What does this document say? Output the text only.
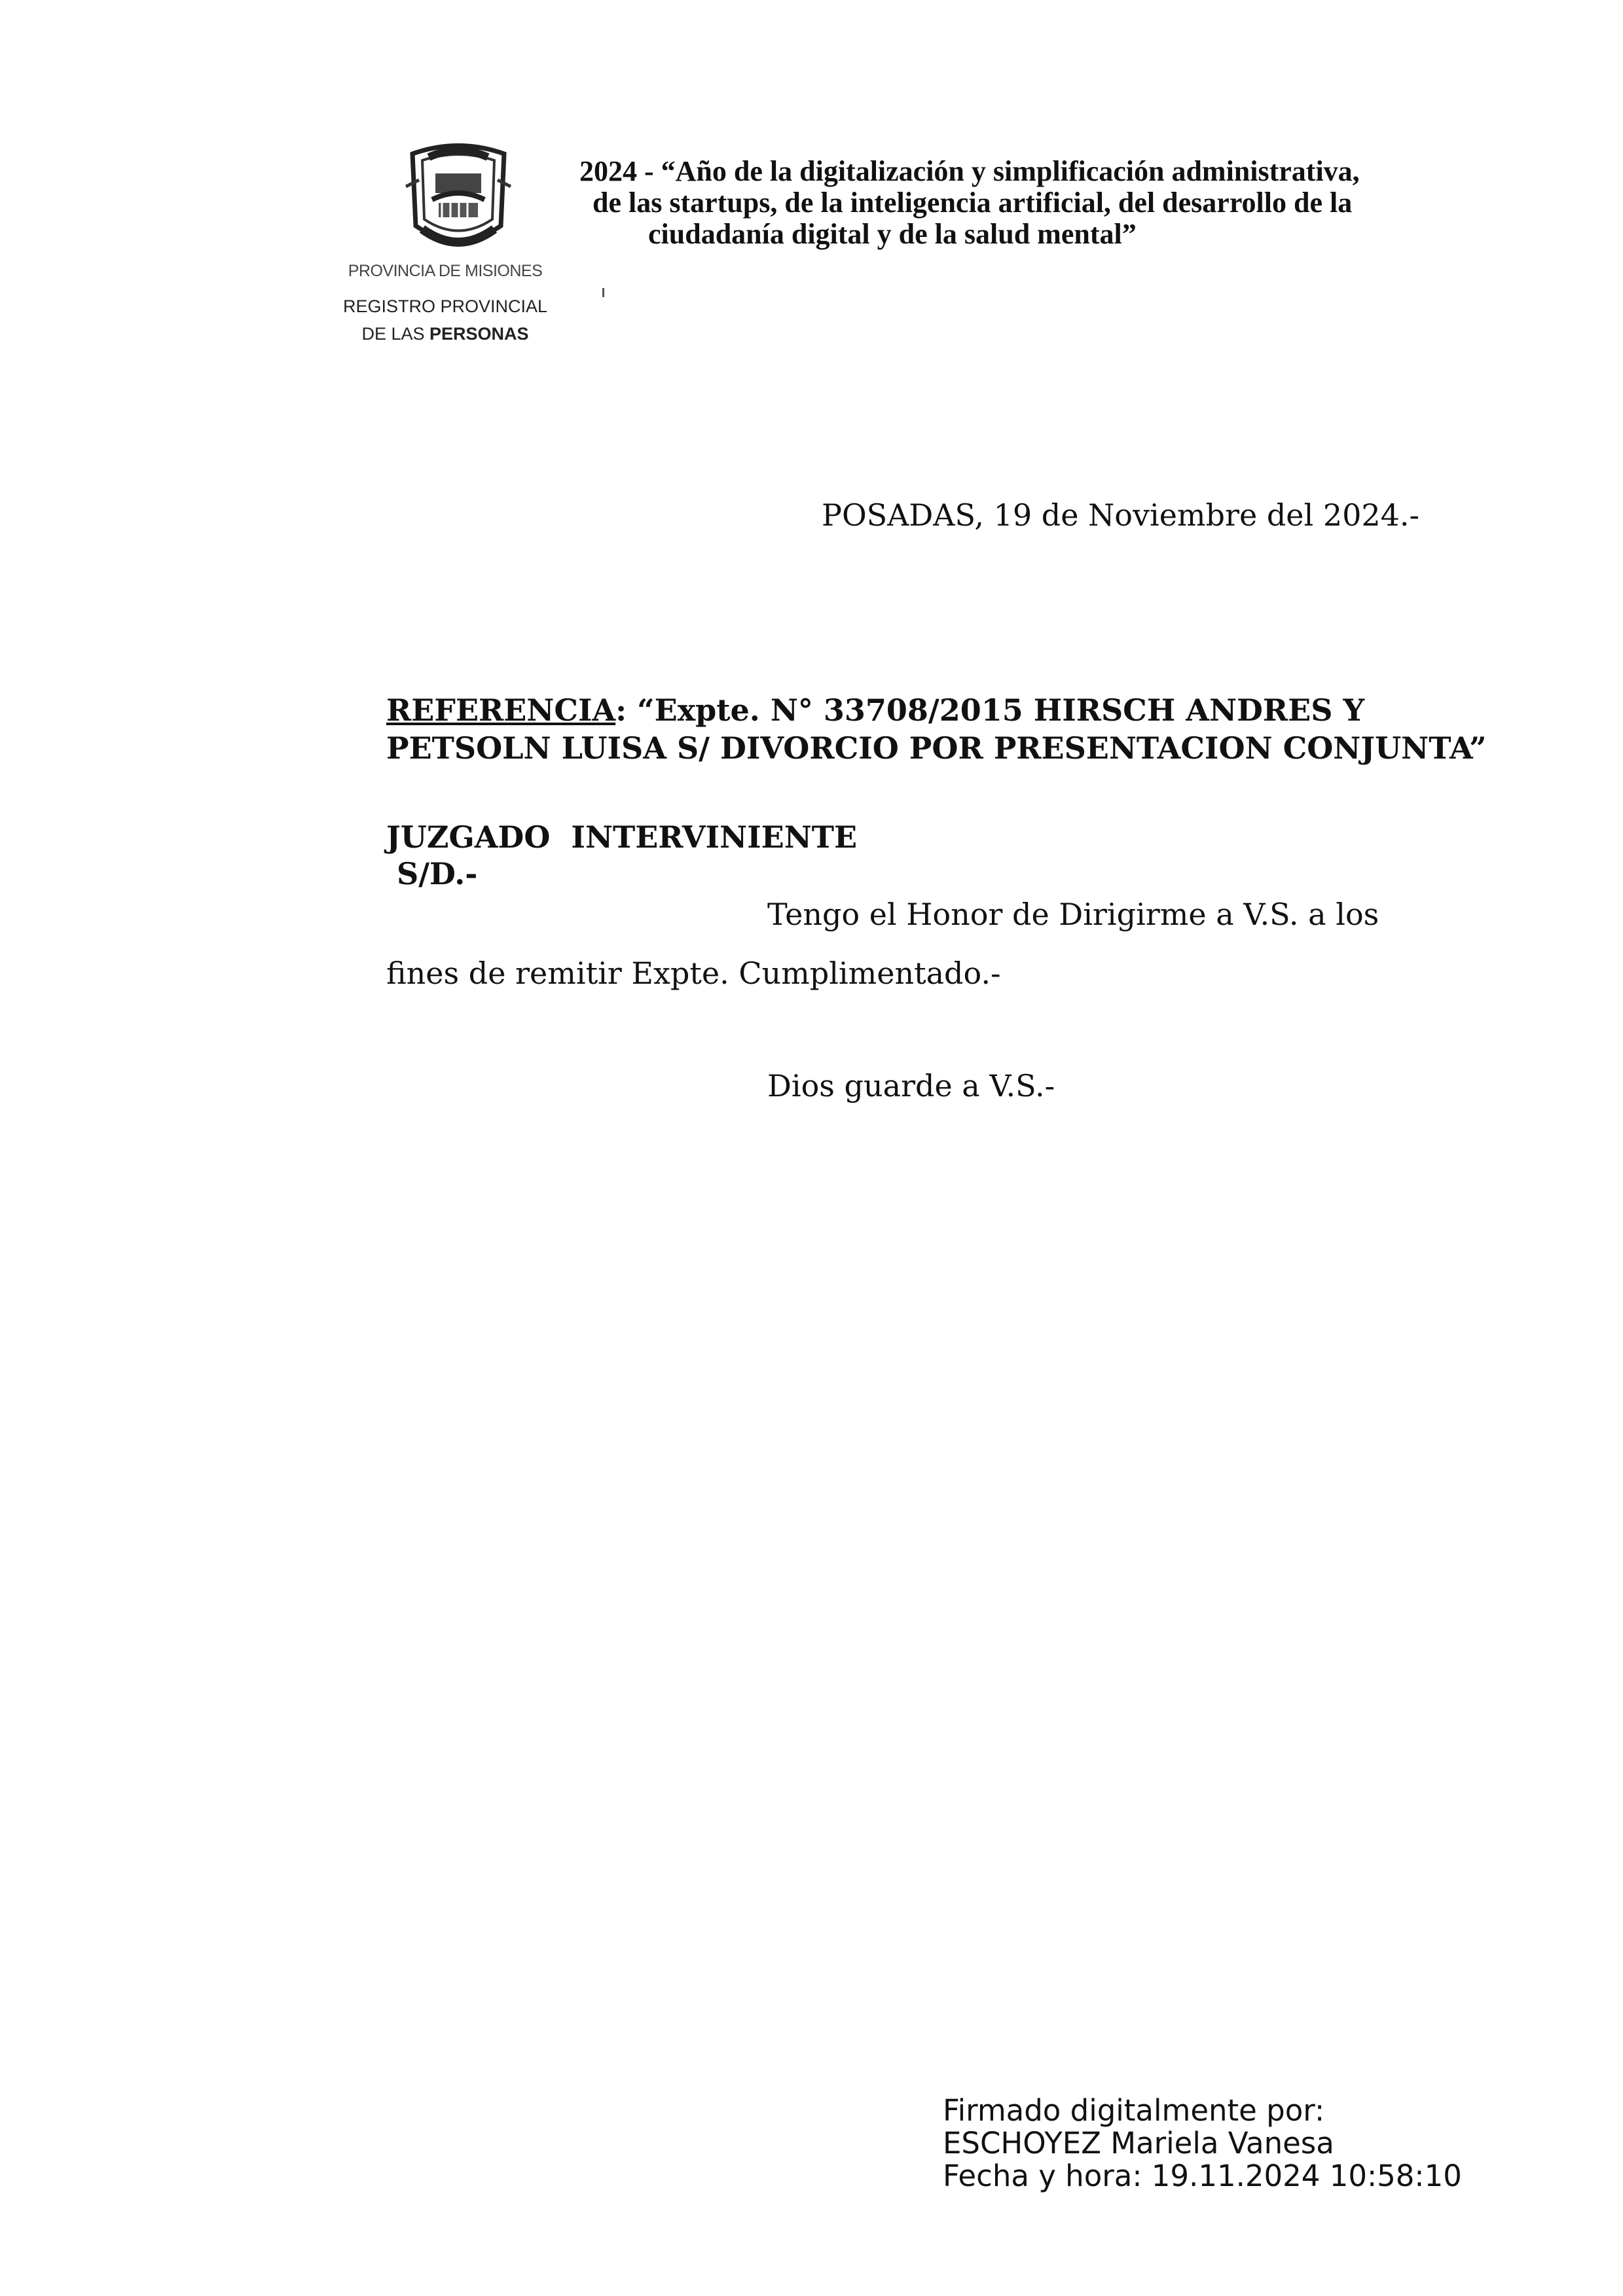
PROVINCIA DE MISIONES
REGISTRO PROVINCIAL
DE LAS PERSONAS
2024 - “Año de la digitalización y simplificación administrativa,
de las startups, de la inteligencia artificial, del desarrollo de la
ciudadanía digital y de la salud mental”
POSADAS, 19 de Noviembre del 2024.-
REFERENCIA: “Expte. N° 33708/2015 HIRSCH ANDRES Y PETSOLN LUISA S/ DIVORCIO POR PRESENTACION CONJUNTA”
JUZGADO  INTERVINIENTE
S/D.-
Tengo el Honor de Dirigirme a V.S. a los
fines de remitir Expte. Cumplimentado.-
Dios guarde a V.S.-
Firmado digitalmente por:
ESCHOYEZ Mariela Vanesa
Fecha y hora: 19.11.2024 10:58:10
